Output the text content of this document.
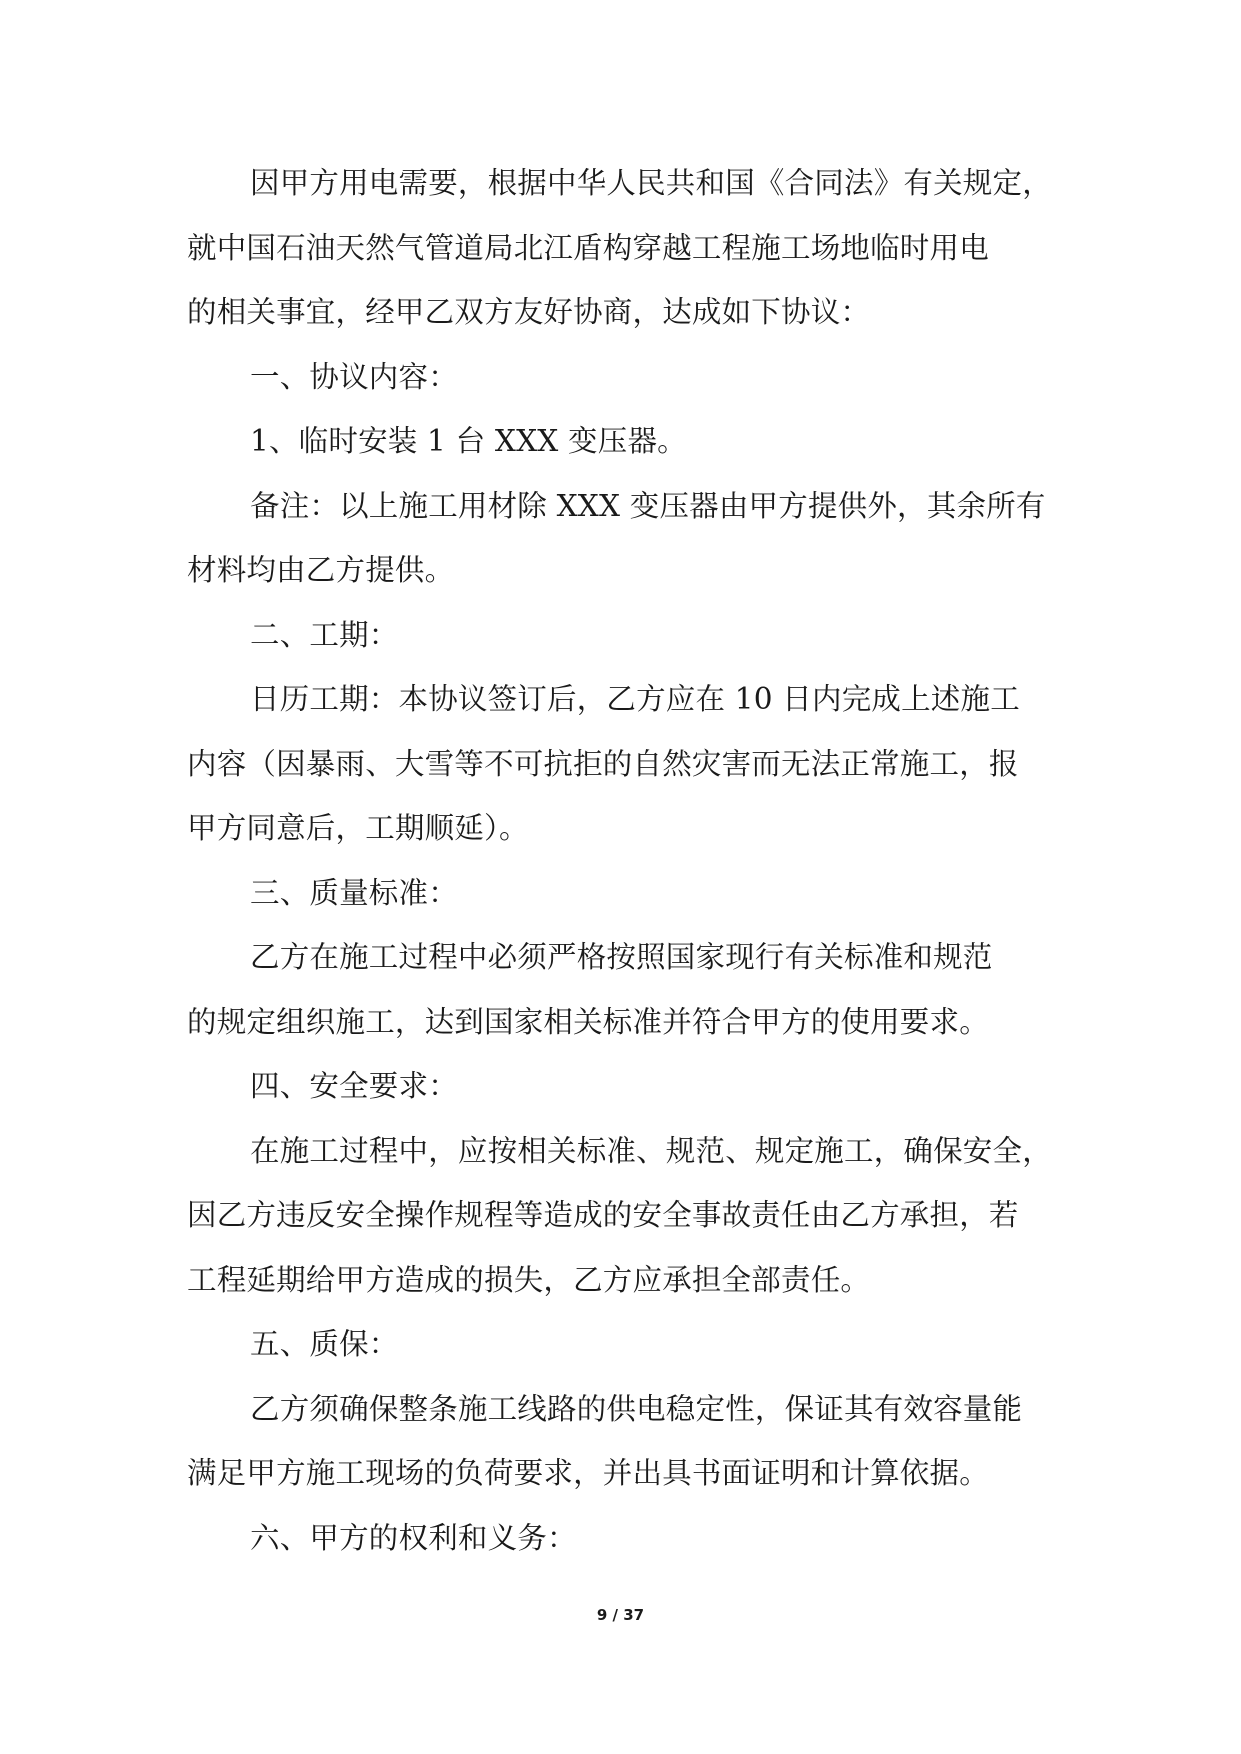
因甲方用电需要，根据中华人民共和国《合同法》有关规定，
就中国石油天然气管道局北江盾构穿越工程施工场地临时用电
的相关事宜，经甲乙双方友好协商，达成如下协议：
一、协议内容：
1、临时安装 1 台 XXX 变压器。
备注：以上施工用材除 XXX 变压器由甲方提供外，其余所有
材料均由乙方提供。
二、工期：
日历工期：本协议签订后，乙方应在 10 日内完成上述施工
内容（因暴雨、大雪等不可抗拒的自然灾害而无法正常施工，报
甲方同意后，工期顺延）。
三、质量标准：
乙方在施工过程中必须严格按照国家现行有关标准和规范
的规定组织施工，达到国家相关标准并符合甲方的使用要求。
四、安全要求：
在施工过程中，应按相关标准、规范、规定施工，确保安全，
因乙方违反安全操作规程等造成的安全事故责任由乙方承担，若
工程延期给甲方造成的损失，乙方应承担全部责任。
五、质保：
乙方须确保整条施工线路的供电稳定性，保证其有效容量能
满足甲方施工现场的负荷要求，并出具书面证明和计算依据。
六、甲方的权利和义务：
9 / 37
